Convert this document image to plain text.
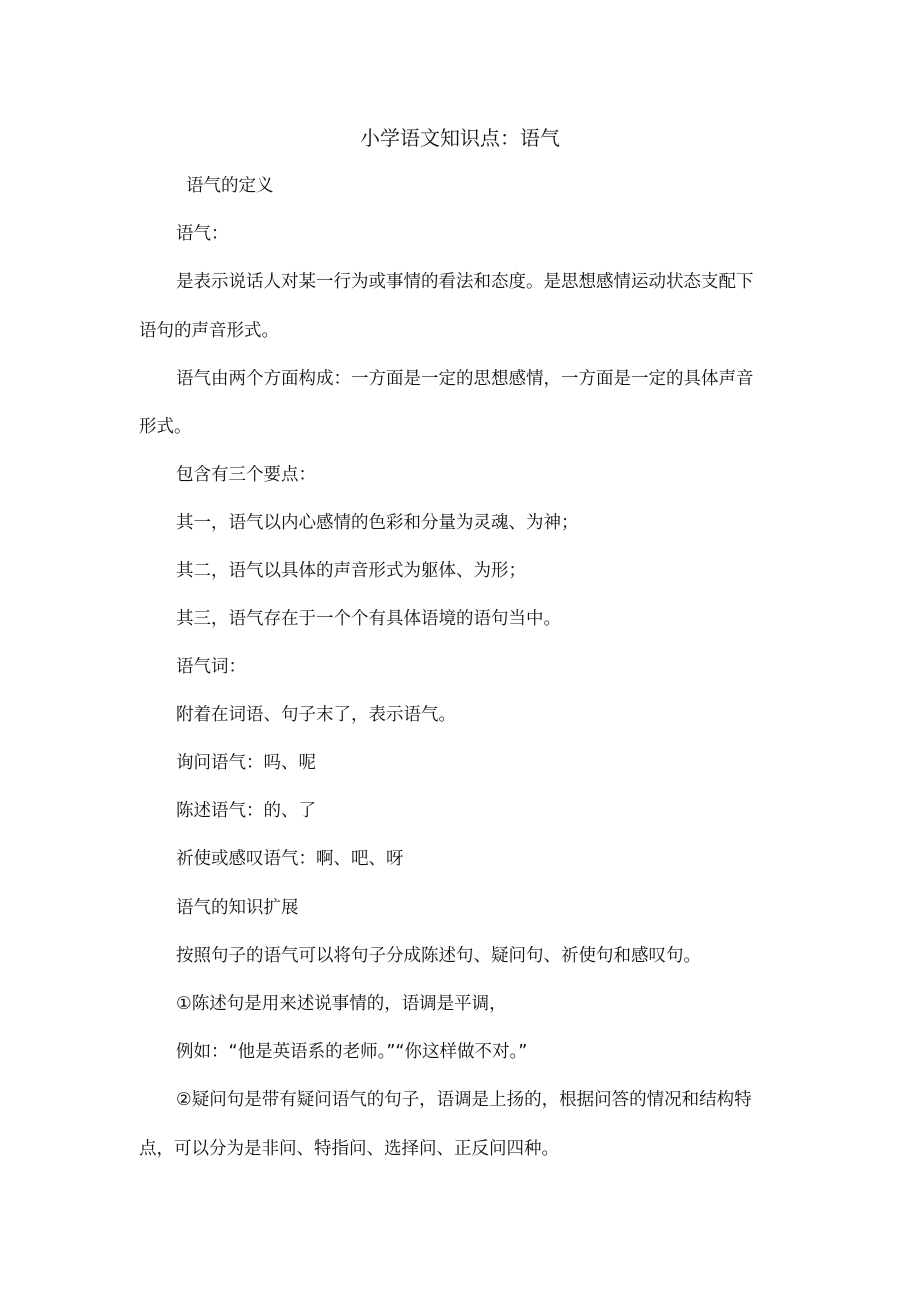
小学语文知识点：语气
语气的定义
语气：
是表示说话人对某一行为或事情的看法和态度。是思想感情运动状态支配下
语句的声音形式。
语气由两个方面构成：一方面是一定的思想感情，一方面是一定的具体声音
形式。
包含有三个要点：
其一，语气以内心感情的色彩和分量为灵魂、为神；
其二，语气以具体的声音形式为躯体、为形；
其三，语气存在于一个个有具体语境的语句当中。
语气词：
附着在词语、句子末了，表示语气。
询问语气：吗、呢
陈述语气：的、了
祈使或感叹语气：啊、吧、呀
语气的知识扩展
按照句子的语气可以将句子分成陈述句、疑问句、祈使句和感叹句。
①陈述句是用来述说事情的，语调是平调，
例如：“他是英语系的老师。”“你这样做不对。”
②疑问句是带有疑问语气的句子，语调是上扬的，根据问答的情况和结构特
点，可以分为是非问、特指问、选择问、正反问四种。
